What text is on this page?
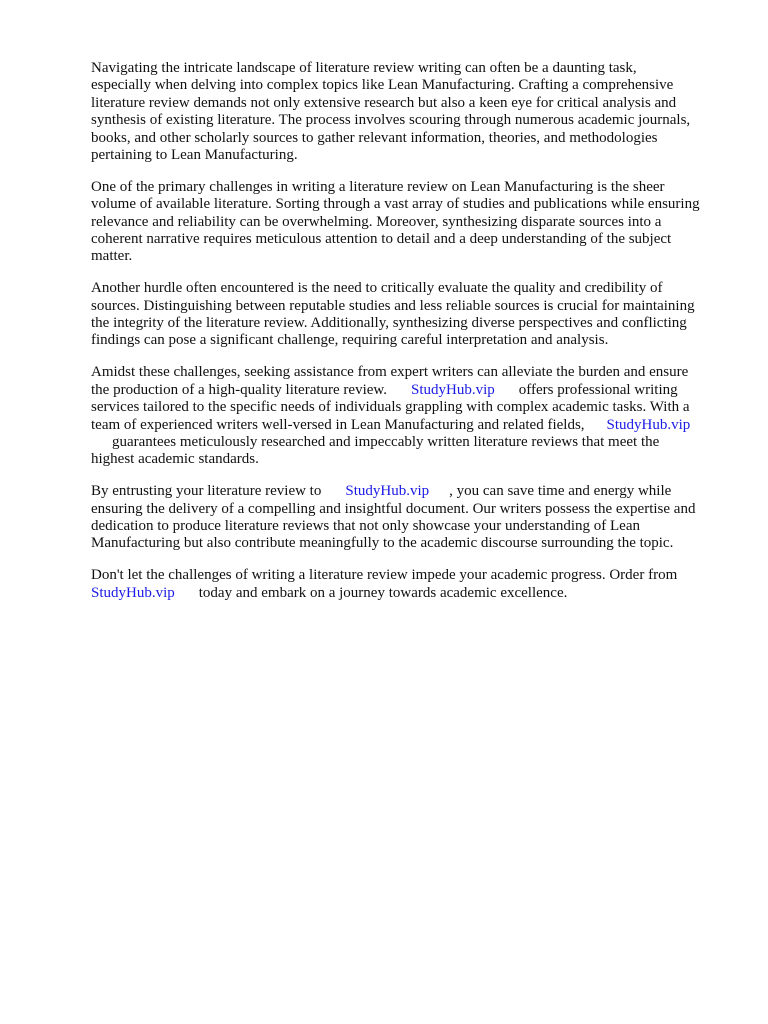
Navigating the intricate landscape of literature review writing can often be a daunting task,
especially when delving into complex topics like Lean Manufacturing. Crafting a comprehensive
literature review demands not only extensive research but also a keen eye for critical analysis and
synthesis of existing literature. The process involves scouring through numerous academic journals,
books, and other scholarly sources to gather relevant information, theories, and methodologies
pertaining to Lean Manufacturing.

One of the primary challenges in writing a literature review on Lean Manufacturing is the sheer
volume of available literature. Sorting through a vast array of studies and publications while ensuring
relevance and reliability can be overwhelming. Moreover, synthesizing disparate sources into a
coherent narrative requires meticulous attention to detail and a deep understanding of the subject
matter.

Another hurdle often encountered is the need to critically evaluate the quality and credibility of
sources. Distinguishing between reputable studies and less reliable sources is crucial for maintaining
the integrity of the literature review. Additionally, synthesizing diverse perspectives and conflicting
findings can pose a significant challenge, requiring careful interpretation and analysis.

Amidst these challenges, seeking assistance from expert writers can alleviate the burden and ensure
the production of a high-quality literature review. StudyHub.vip offers professional writing
services tailored to the specific needs of individuals grappling with complex academic tasks. With a
team of experienced writers well-versed in Lean Manufacturing and related fields, StudyHub.vip
guarantees meticulously researched and impeccably written literature reviews that meet the
highest academic standards.

By entrusting your literature review to StudyHub.vip , you can save time and energy while
ensuring the delivery of a compelling and insightful document. Our writers possess the expertise and
dedication to produce literature reviews that not only showcase your understanding of Lean
Manufacturing but also contribute meaningfully to the academic discourse surrounding the topic.

Don't let the challenges of writing a literature review impede your academic progress. Order from
StudyHub.vip today and embark on a journey towards academic excellence.
